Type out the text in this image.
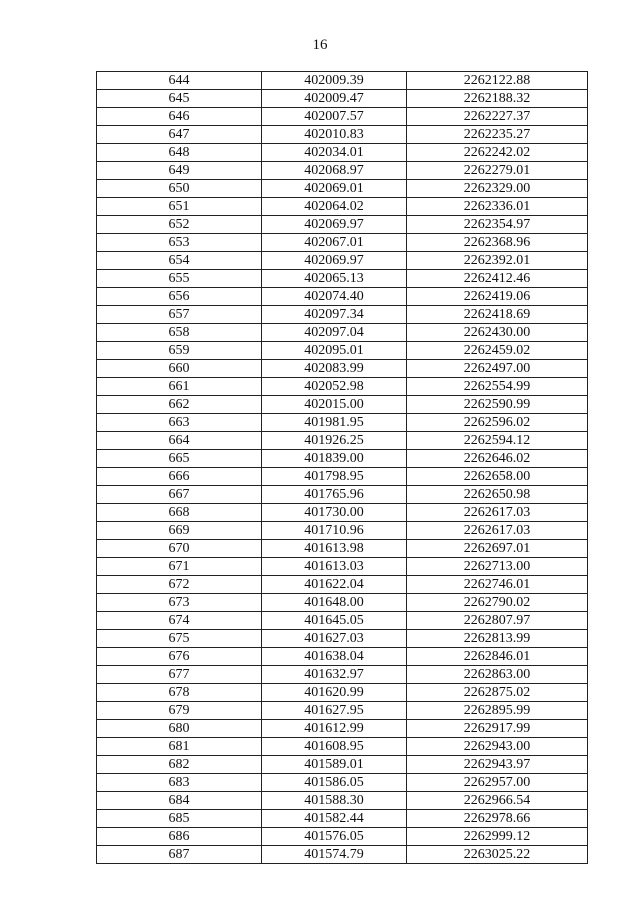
16
644	402009.39	2262122.88
645	402009.47	2262188.32
646	402007.57	2262227.37
647	402010.83	2262235.27
648	402034.01	2262242.02
649	402068.97	2262279.01
650	402069.01	2262329.00
651	402064.02	2262336.01
652	402069.97	2262354.97
653	402067.01	2262368.96
654	402069.97	2262392.01
655	402065.13	2262412.46
656	402074.40	2262419.06
657	402097.34	2262418.69
658	402097.04	2262430.00
659	402095.01	2262459.02
660	402083.99	2262497.00
661	402052.98	2262554.99
662	402015.00	2262590.99
663	401981.95	2262596.02
664	401926.25	2262594.12
665	401839.00	2262646.02
666	401798.95	2262658.00
667	401765.96	2262650.98
668	401730.00	2262617.03
669	401710.96	2262617.03
670	401613.98	2262697.01
671	401613.03	2262713.00
672	401622.04	2262746.01
673	401648.00	2262790.02
674	401645.05	2262807.97
675	401627.03	2262813.99
676	401638.04	2262846.01
677	401632.97	2262863.00
678	401620.99	2262875.02
679	401627.95	2262895.99
680	401612.99	2262917.99
681	401608.95	2262943.00
682	401589.01	2262943.97
683	401586.05	2262957.00
684	401588.30	2262966.54
685	401582.44	2262978.66
686	401576.05	2262999.12
687	401574.79	2263025.22
